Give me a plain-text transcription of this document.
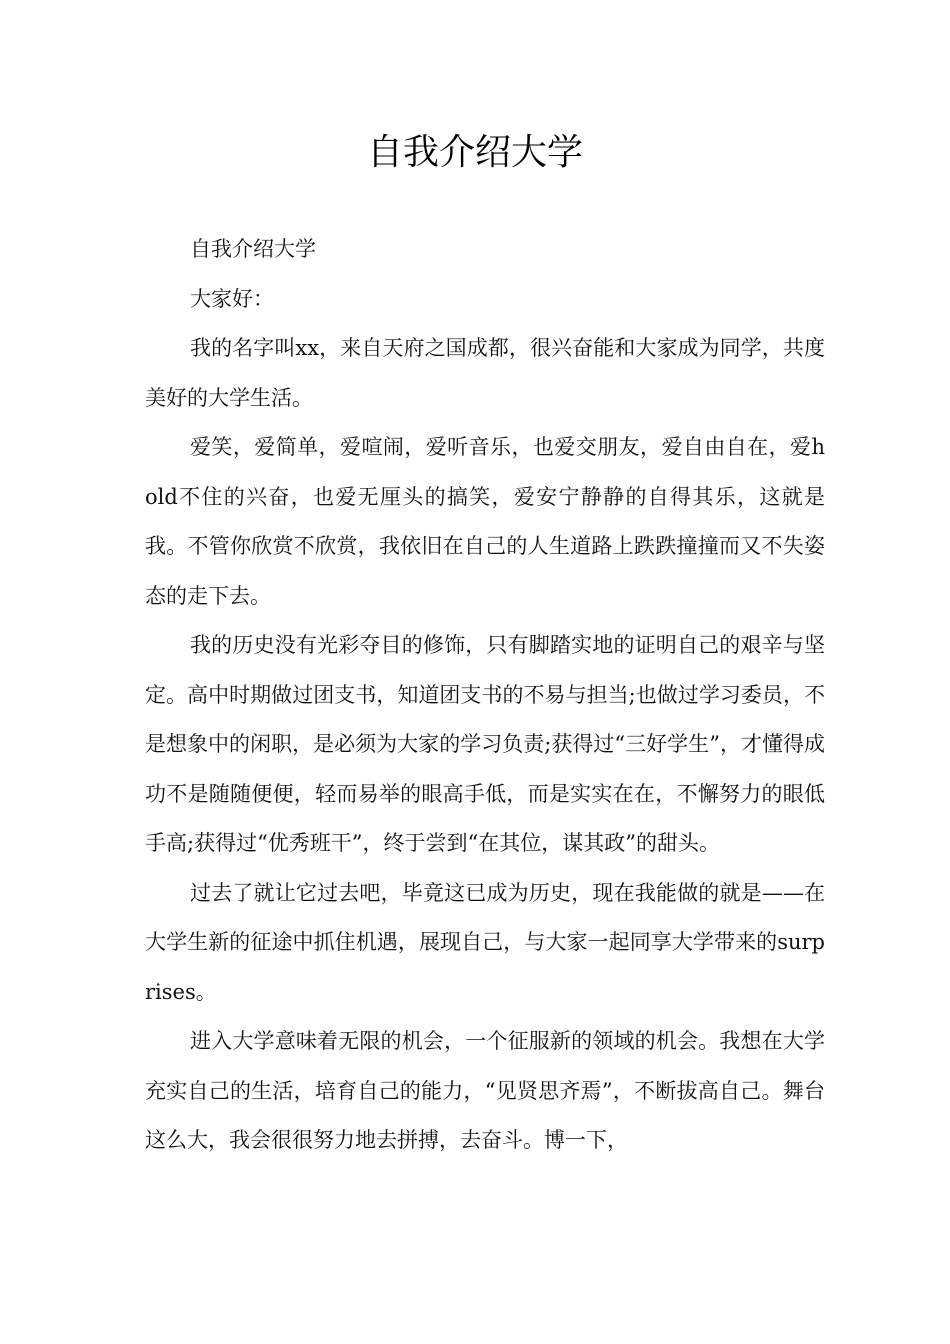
自我介绍大学

自我介绍大学

大家好：

我的名字叫xx，来自天府之国成都，很兴奋能和大家成为同学，共度美好的大学生活。

爱笑，爱简单，爱喧闹，爱听音乐，也爱交朋友，爱自由自在，爱hold不住的兴奋，也爱无厘头的搞笑，爱安宁静静的自得其乐，这就是我。不管你欣赏不欣赏，我依旧在自己的人生道路上跌跌撞撞而又不失姿态的走下去。

我的历史没有光彩夺目的修饰，只有脚踏实地的证明自己的艰辛与坚定。高中时期做过团支书，知道团支书的不易与担当;也做过学习委员，不是想象中的闲职，是必须为大家的学习负责;获得过“三好学生”，才懂得成功不是随随便便，轻而易举的眼高手低，而是实实在在，不懈努力的眼低手高;获得过“优秀班干”，终于尝到“在其位，谋其政”的甜头。

过去了就让它过去吧，毕竟这已成为历史，现在我能做的就是——在大学生新的征途中抓住机遇，展现自己，与大家一起同享大学带来的surprises。

进入大学意味着无限的机会，一个征服新的领域的机会。我想在大学充实自己的生活，培育自己的能力，“见贤思齐焉”，不断拔高自己。舞台这么大，我会很很努力地去拼搏，去奋斗。博一下，
